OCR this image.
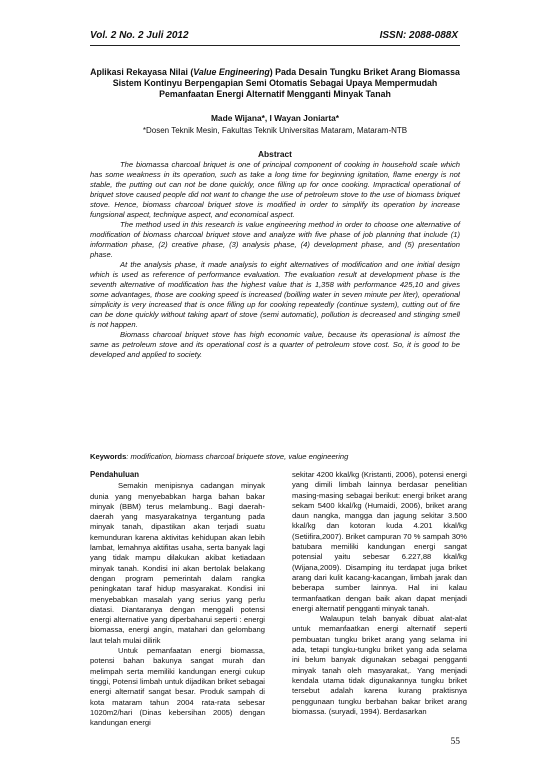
Vol. 2 No. 2 Juli 2012	ISSN: 2088-088X
Aplikasi Rekayasa Nilai (Value Engineering) Pada Desain Tungku Briket Arang Biomassa
Sistem Kontinyu Berpengapian Semi Otomatis Sebagai Upaya Mempermudah
Pemanfaatan Energi Alternatif Mengganti Minyak Tanah
Made Wijana*, I Wayan Joniarta*
*Dosen Teknik Mesin, Fakultas Teknik Universitas Mataram, Mataram-NTB
Abstract

The biomassa charcoal briquet is one of principal component of cooking in household scale which has some weakness in its operation, such as take a long time for beginning ignitation, flame energy is not stable, the putting out can not be done quickly, once filling up for once cooking. Impractical operational of briquet stove caused people did not want to change the use of petroleum stove to the use of biomass briquet stove. Hence, biomass charcoal briquet stove is modified in order to simplify its operation by increase fungsional aspect, technique aspect, and economical aspect.

The method used in this research is value engineering method in order to choose one alternative of modification of biomass charcoal briquet stove and analyze with five phase of job planning that include (1) information phase, (2) creative phase, (3) analysis phase, (4) development phase, and (5) presentation phase.

At the analysis phase, it made analysis to eight alternatives of modification and one initial design which is used as reference of performance evaluation. The evaluation result at development phase is the seventh alternative of modification has the highest value that is 1,358 with performance 425,10 and gives some advantages, those are cooking speed is increased (boilling water in seven minute per liter), operational simplicity is very increased that is once filling up for cooking repeatedly (continue system), cutting out of fire can be done quickly without taking apart of stove (semi automatic), pollution is decreased and stinging smell is not happen.

Biomass charcoal briquet stove has high economic value, because its operasional is almost the same as petroleum stove and its operational cost is a quarter of petroleum stove cost. So, it is good to be developed and applied to society.

Keywords: modification, biomass charcoal briquete stove, value engineering

Pendahuluan

Semakin menipisnya cadangan minyak dunia yang menyebabkan harga bahan bakar minyak (BBM) terus melambung.. Bagi daerah-daerah yang masyarakatnya tergantung pada minyak tanah, dipastikan akan terjadi suatu kemunduran karena aktivitas kehidupan akan lebih lambat, lemahnya aktifitas usaha, serta banyak lagi yang tidak mampu dilakukan akibat ketiadaan minyak tanah. Kondisi ini akan bertolak belakang dengan program pemerintah dalam rangka peningkatan taraf hidup masyarakat. Kondisi ini menyebabkan masalah yang serius yang perlu diatasi. Diantaranya dengan menggali potensi energi alternative yang diperbaharui seperti : energi biomassa, energi angin, matahari dan gelombang laut telah mulai dilirik

Untuk pemanfaatan energi biomassa, potensi bahan bakunya sangat murah dan melimpah serta memiliki kandungan energi cukup tinggi, Potensi limbah untuk dijadikan briket sebagai energi alternatif sangat besar. Produk sampah di kota mataram tahun 2004 rata-rata sebesar 1020m2/hari (Dinas kebersihan 2005) dengan kandungan energi

sekitar 4200 kkal/kg (Kristanti, 2006), potensi energi yang dimili limbah lainnya berdasar penelitian masing-masing sebagai berikut: energi briket arang sekam 5400 kkal/kg (Humaidi, 2006), briket arang daun nangka, mangga dan jagung sekitar 3.500 kkal/kg dan kotoran kuda 4.201 kkal/kg (Setiifira,2007). Briket campuran 70 % sampah 30% batubara memiliki kandungan energi sangat potensial yaitu sebesar 6.227,88 kkal/kg (Wijana,2009). Disamping itu terdapat juga briket arang dari kulit kacang-kacangan, limbah jarak dan beberapa sumber lainnya. Hal ini kalau termanfaatkan dengan baik akan dapat menjadi energi alternatif pengganti minyak tanah.

Walaupun telah banyak dibuat alat-alat untuk memanfaatkan energi alternatif seperti pembuatan tungku briket arang yang selama ini ada, tetapi tungku-tungku briket yang ada selama ini belum banyak digunakan sebagai pengganti minyak tanah oleh masyarakat,. Yang menjadi kendala utama tidak digunakannya tungku briket tersebut adalah karena kurang praktisnya penggunaan tungku berbahan bakar briket arang biomassa. (suryadi, 1994). Berdasarkan

55
